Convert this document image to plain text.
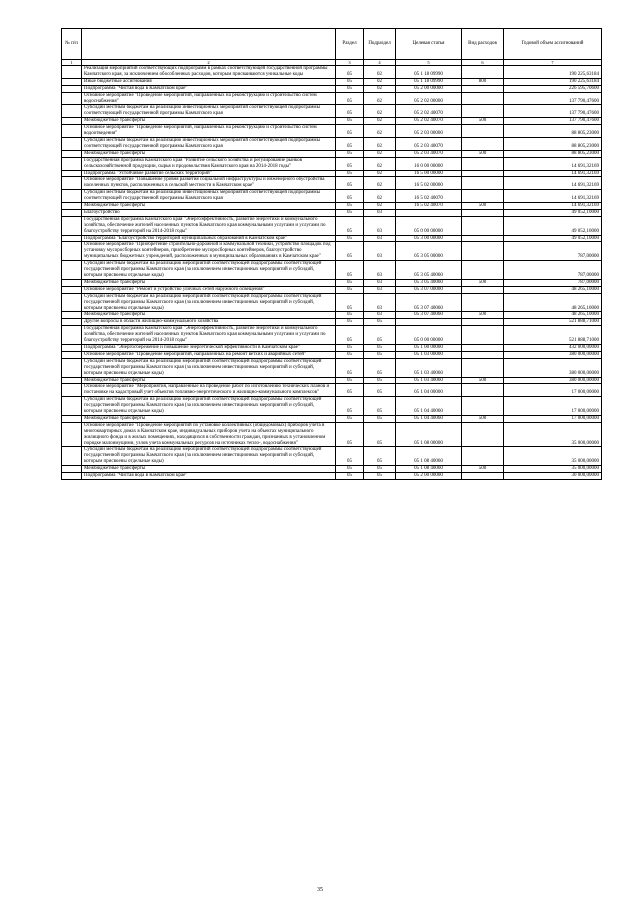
№ п/п		Раздел	Подраздел	Целевая статья	Вид расходов	Годовой объем ассигнований
1	2	3	4	5	6	7
	Реализация мероприятий соответствующих подпрограмм в рамках соответствующей государственной программы Камчатского края, за исключением обособленных расходов, которым присваиваются уникальные коды	05	02	05 1 18 09990		190 225,63184
	Иные бюджетные ассигнования	05	02	05 1 18 09990	800	190 225,63184
	Подпрограмма "Чистая вода в Камчатском крае"	05	02	05 2 00 00000		226 595,70600
	Основное мероприятие "Проведение мероприятий, направленных на реконструкцию и строительство систем водоснабжения"	05	02	05 2 02 00000		137 790,47600
	Субсидии местным бюджетам на реализацию инвестиционных мероприятий соответствующей подпрограммы соответствующей государственной программы Камчатского края	05	02	05 2 02 40070		137 790,47600
	Межбюджетные трансферты	05	02	05 2 02 40070	500	137 790,47600
	Основное мероприятие "Проведение мероприятий, направленных на реконструкцию и строительство систем водоотведения"	05	02	05 2 03 00000		88 805,23000
	Субсидии местным бюджетам на реализацию инвестиционных мероприятий соответствующей подпрограммы соответствующей государственной программы Камчатского края	05	02	05 2 03 40070		88 805,23000
	Межбюджетные трансферты	05	02	05 2 03 40070	500	88 805,23000
	Государственная программа Камчатского края "Развитие сельского хозяйства и регулирование рынков сельскохозяйственной продукции, сырья и продовольствия Камчатского края на 2014-2018 годы"	05	02	16 0 00 00000		14 691,32169
	Подпрограмма "Устойчивое развитие сельских территорий"	05	02	16 5 00 00000		14 691,32169
	Основное мероприятие "Повышение уровня развития социальной инфраструктуры и инженерного обустройства населенных пунктов, расположенных в сельской местности в Камчатском крае"	05	02	16 5 02 00000		14 691,32169
	Субсидии местным бюджетам на реализацию инвестиционных мероприятий соответствующей подпрограммы соответствующей государственной программы Камчатского края	05	02	16 5 02 40070		14 691,32169
	Межбюджетные трансферты	05	02	16 5 02 40070	500	14 691,32169
	Благоустройство	05	03			49 052,10000
	Государственная программа Камчатского края "Энергоэффективность, развитие энергетики и коммунального хозяйства, обеспечение жителей населенных пунктов Камчатского края коммунальными услугами и услугами по благоустройству территорий на 2014-2018 годы"	05	03	05 0 00 00000		49 052,10000
	Подпрограмма "Благоустройство территорий муниципальных образований в Камчатском крае"	05	03	05 3 00 00000		49 052,10000
	Основное мероприятие "Приобретение строительно-дорожной и коммунальной техники, устройство площадок под установку мусоросборных контейнеров, приобретение мусоросборных контейнеров, благоустройство муниципальных бюджетных учреждений, расположенных в муниципальных образованиях в Камчатском крае"	05	03	05 3 05 00000		787,00000
	Субсидии местным бюджетам на реализацию мероприятий соответствующей подпрограммы соответствующей государственной программы Камчатского края (за исключением инвестиционных мероприятий и субсидий, которым присвоены отдельные коды)	05	03	05 3 05 40060		787,00000
	Межбюджетные трансферты	05	03	05 3 05 40060	500	787,00000
	Основное мероприятие "Ремонт и устройство уличных сетей наружного освещения"	05	03	05 3 07 00000		48 265,10000
	Субсидии местным бюджетам на реализацию мероприятий соответствующей подпрограммы соответствующей государственной программы Камчатского края (за исключением инвестиционных мероприятий и субсидий, которым присвоены отдельные коды)	05	03	05 3 07 40060		48 265,10000
	Межбюджетные трансферты	05	03	05 3 07 40060	500	48 265,10000
	Другие вопросы в области жилищно-коммунального хозяйства	05	05			521 888,71000
	Государственная программа Камчатского края "Энергоэффективность, развитие энергетики и коммунального хозяйства, обеспечение жителей населенных пунктов Камчатского края коммунальными услугами и услугами по благоустройству территорий на 2014-2018 годы"	05	05	05 0 00 00000		521 888,71000
	Подпрограмма "Энергосбережение и повышение энергетической эффективности в Камчатском крае"	05	05	05 1 00 00000		432 000,00000
	Основное мероприятие "Проведение мероприятий, направленных на ремонт ветхих и аварийных сетей"	05	05	05 1 03 00000		380 000,00000
	Субсидии местным бюджетам на реализацию мероприятий соответствующей подпрограммы соответствующей государственной программы Камчатского края (за исключением инвестиционных мероприятий и субсидий, которым присвоены отдельные коды)	05	05	05 1 03 40060		380 000,00000
	Межбюджетные трансферты	05	05	05 1 03 40060	500	380 000,00000
	Основное мероприятие "Мероприятия, направленные на проведение работ по изготовлению технических планов и постановке на кадастровый учет объектов топливно-энергетического и жилищно-коммунального комплексов"	05	05	05 1 04 00000		17 000,00000
	Субсидии местным бюджетам на реализацию мероприятий соответствующей подпрограммы соответствующей государственной программы Камчатского края (за исключением инвестиционных мероприятий и субсидий, которым присвоены отдельные коды)	05	05	05 1 04 40060		17 000,00000
	Межбюджетные трансферты	05	05	05 1 04 40060	500	17 000,00000
	Основное мероприятие "Проведение мероприятий по установке коллективных (общедомовых) приборов учета в многоквартирных домах в Камчатском крае, индивидуальных приборов учета на объектах муниципального жилищного фонда и в жилых помещениях, находящихся в собственности граждан, признанных в установленном порядке малоимущими, узлов учета коммунальных ресурсов на источниках тепло-, водоснабжения"	05	05	05 1 08 00000		35 000,00000
	Субсидии местным бюджетам на реализацию мероприятий соответствующей подпрограммы соответствующей государственной программы Камчатского края (за исключением инвестиционных мероприятий и субсидий, которым присвоены отдельные коды)	05	05	05 1 08 40060		35 000,00000
	Межбюджетные трансферты	05	05	05 1 08 40060	500	35 000,00000
	Подпрограмма "Чистая вода в Камчатском крае"	05	05	05 2 00 00000		30 000,00000
35
